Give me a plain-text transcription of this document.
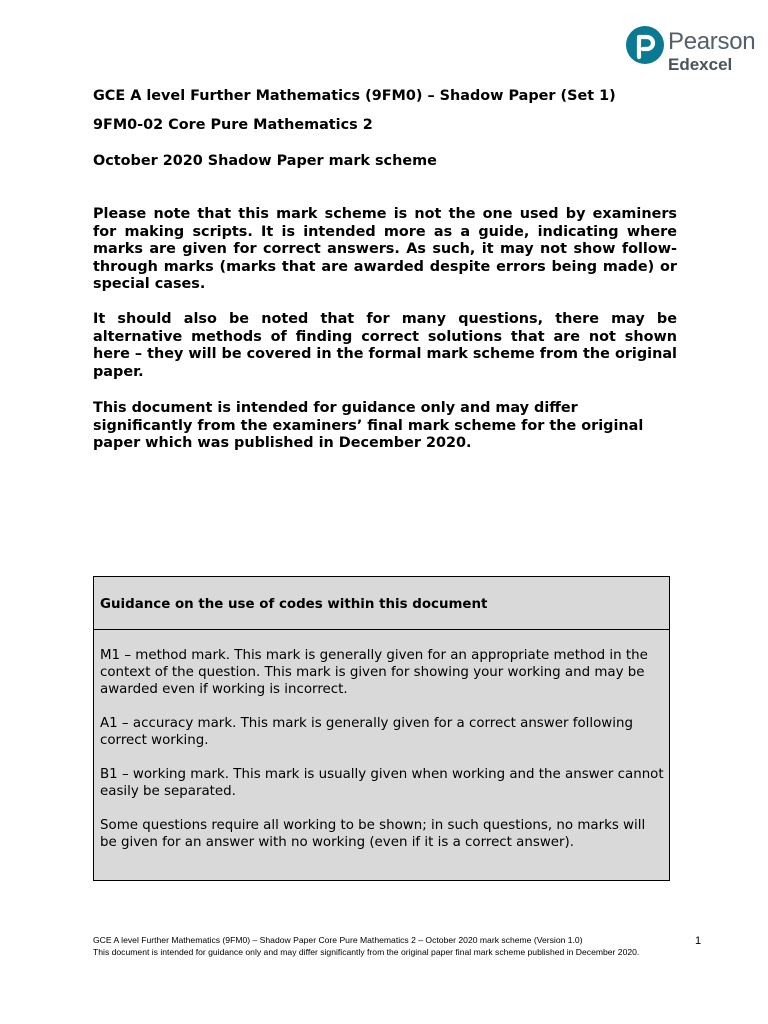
Pearson
Edexcel
GCE A level Further Mathematics (9FM0) – Shadow Paper (Set 1)
9FM0-02 Core Pure Mathematics 2
October 2020 Shadow Paper mark scheme

Please note that this mark scheme is not the one used by examiners for making scripts. It is intended more as a guide, indicating where marks are given for correct answers. As such, it may not show follow-through marks (marks that are awarded despite errors being made) or special cases.

It should also be noted that for many questions, there may be alternative methods of finding correct solutions that are not shown here – they will be covered in the formal mark scheme from the original paper.

This document is intended for guidance only and may differ significantly from the examiners’ final mark scheme for the original paper which was published in December 2020.

Guidance on the use of codes within this document

M1 – method mark. This mark is generally given for an appropriate method in the context of the question. This mark is given for showing your working and may be awarded even if working is incorrect.

A1 – accuracy mark. This mark is generally given for a correct answer following correct working.

B1 – working mark. This mark is usually given when working and the answer cannot easily be separated.

Some questions require all working to be shown; in such questions, no marks will be given for an answer with no working (even if it is a correct answer).

GCE A level Further Mathematics (9FM0) – Shadow Paper Core Pure Mathematics 2 – October 2020 mark scheme (Version 1.0)

This document is intended for guidance only and may differ significantly from the original paper final mark scheme published in December 2020.

1
